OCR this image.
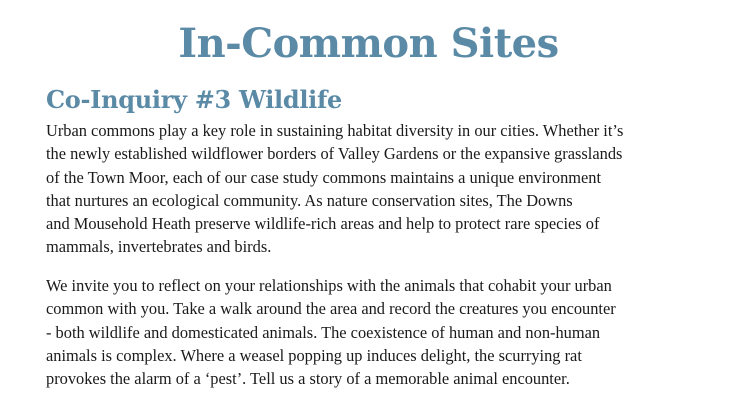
In-Common Sites
Co-Inquiry #3 Wildlife

Urban commons play a key role in sustaining habitat diversity in our cities. Whether it’s
the newly established wildflower borders of Valley Gardens or the expansive grasslands
of the Town Moor, each of our case study commons maintains a unique environment
that nurtures an ecological community. As nature conservation sites, The Downs
and Mousehold Heath preserve wildlife-rich areas and help to protect rare species of
mammals, invertebrates and birds.

We invite you to reflect on your relationships with the animals that cohabit your urban
common with you. Take a walk around the area and record the creatures you encounter
- both wildlife and domesticated animals. The coexistence of human and non-human
animals is complex. Where a weasel popping up induces delight, the scurrying rat
provokes the alarm of a ‘pest’. Tell us a story of a memorable animal encounter.
